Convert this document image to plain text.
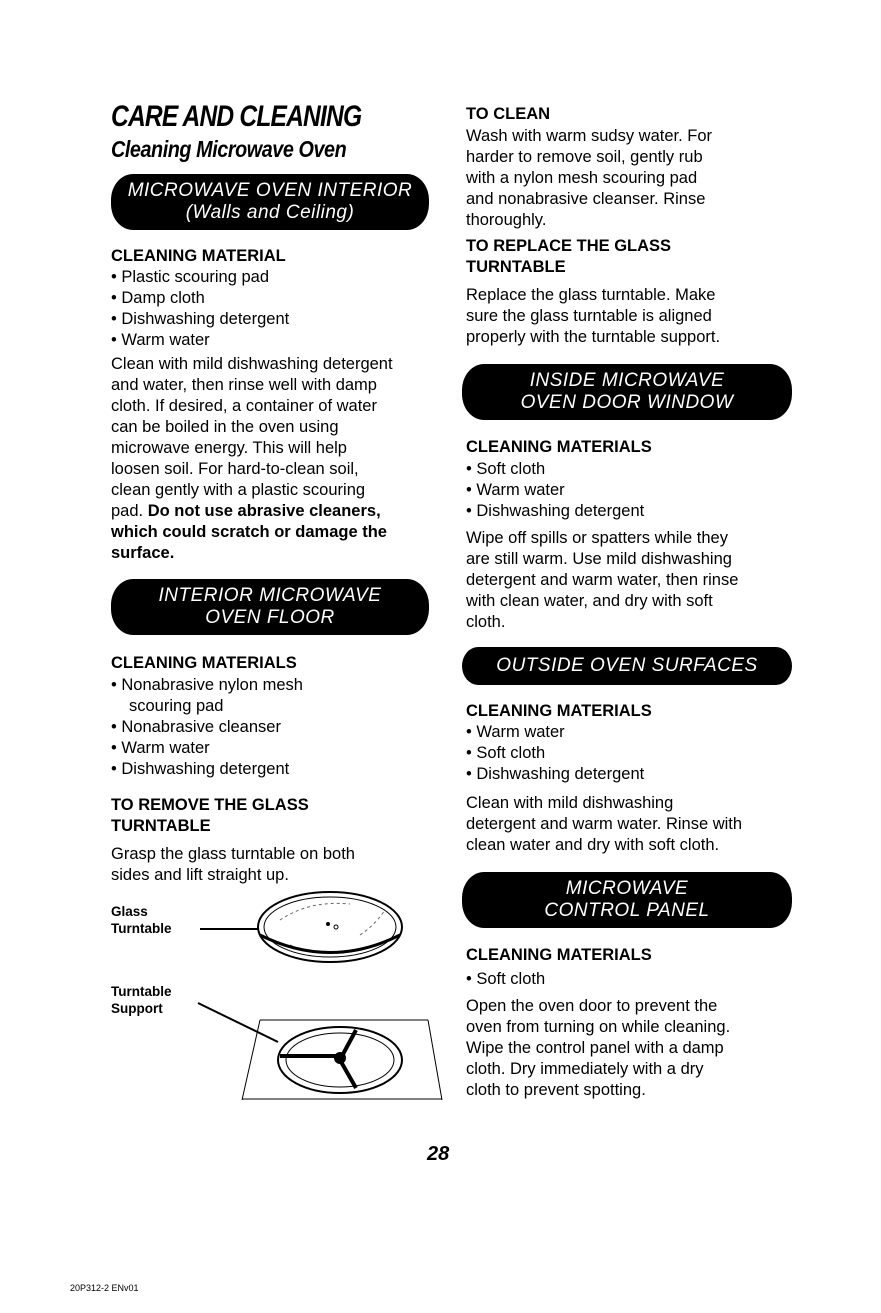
CARE AND CLEANING
Cleaning Microwave Oven
MICROWAVE OVEN INTERIOR
(Walls and Ceiling)
CLEANING MATERIAL
• Plastic scouring pad
• Damp cloth
• Dishwashing detergent
• Warm water
Clean with mild dishwashing detergent
and water, then rinse well with damp
cloth. If desired, a container of water
can be boiled in the oven using
microwave energy. This will help
loosen soil. For hard-to-clean soil,
clean gently with a plastic scouring
pad. Do not use abrasive cleaners,
which could scratch or damage the
surface.
INTERIOR MICROWAVE
OVEN FLOOR
CLEANING MATERIALS
• Nonabrasive nylon mesh
scouring pad
• Nonabrasive cleanser
• Warm water
• Dishwashing detergent
TO REMOVE THE GLASS
TURNTABLE
Grasp the glass turntable on both
sides and lift straight up.
Glass
Turntable
Turntable
Support
TO CLEAN
Wash with warm sudsy water. For
harder to remove soil, gently rub
with a nylon mesh scouring pad
and nonabrasive cleanser. Rinse
thoroughly.
TO REPLACE THE GLASS
TURNTABLE
Replace the glass turntable. Make
sure the glass turntable is aligned
properly with the turntable support.
INSIDE MICROWAVE
OVEN DOOR WINDOW
CLEANING MATERIALS
• Soft cloth
• Warm water
• Dishwashing detergent
Wipe off spills or spatters while they
are still warm. Use mild dishwashing
detergent and warm water, then rinse
with clean water, and dry with soft
cloth.
OUTSIDE OVEN SURFACES
CLEANING MATERIALS
• Warm water
• Soft cloth
• Dishwashing detergent
Clean with mild dishwashing
detergent and warm water. Rinse with
clean water and dry with soft cloth.
MICROWAVE
CONTROL PANEL
CLEANING MATERIALS
• Soft cloth
Open the oven door to prevent the
oven from turning on while cleaning.
Wipe the control panel with a damp
cloth. Dry immediately with a dry
cloth to prevent spotting.
28
20P312-2 ENv01
